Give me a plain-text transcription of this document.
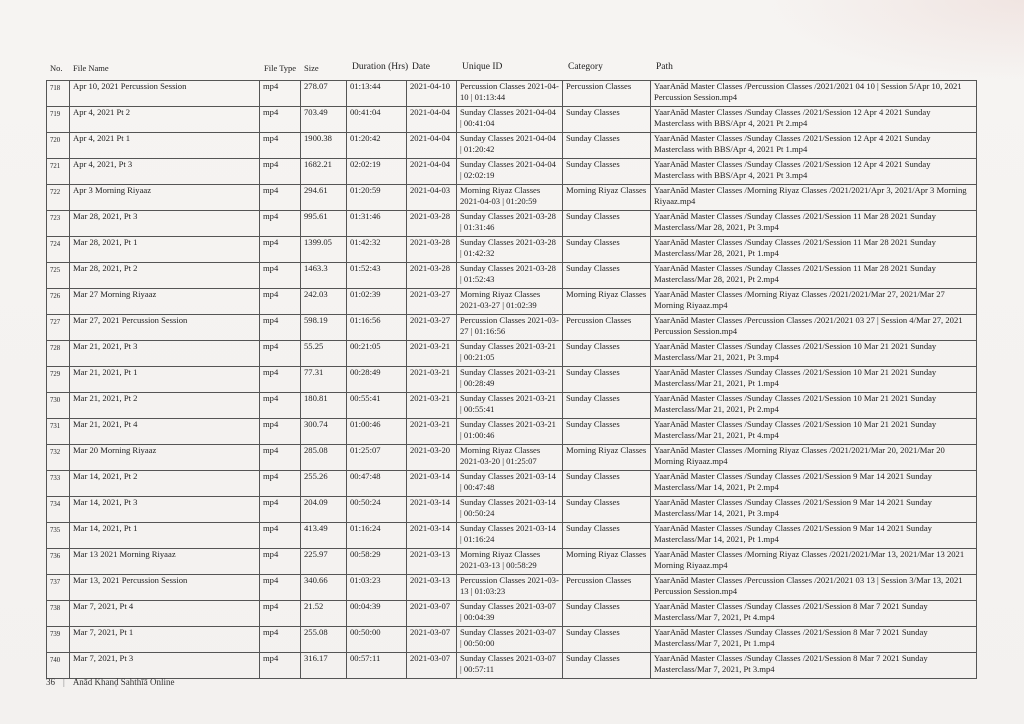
No. File Name	File Type Size	Duration (Hrs) Date	Unique ID	Category	Path
718	Apr 10, 2021 Percussion Session	mp4	278.07	01:13:44	2021-04-10	Percussion Classes 2021-04-10 | 01:13:44	Percussion Classes	YaarAnād Master Classes /Percussion Classes /2021/2021 04 10 | Session 5/Apr 10, 2021 Percussion Session.mp4
719	Apr 4, 2021 Pt 2	mp4	703.49	00:41:04	2021-04-04	Sunday Classes 2021-04-04 | 00:41:04	Sunday Classes	YaarAnād Master Classes /Sunday Classes /2021/Session 12 Apr 4 2021 Sunday Masterclass with BBS/Apr 4, 2021 Pt 2.mp4
720	Apr 4, 2021 Pt 1	mp4	1900.38	01:20:42	2021-04-04	Sunday Classes 2021-04-04 | 01:20:42	Sunday Classes	YaarAnād Master Classes /Sunday Classes /2021/Session 12 Apr 4 2021 Sunday Masterclass with BBS/Apr 4, 2021 Pt 1.mp4
721	Apr 4, 2021, Pt 3	mp4	1682.21	02:02:19	2021-04-04	Sunday Classes 2021-04-04 | 02:02:19	Sunday Classes	YaarAnād Master Classes /Sunday Classes /2021/Session 12 Apr 4 2021 Sunday Masterclass with BBS/Apr 4, 2021 Pt 3.mp4
722	Apr 3 Morning Riyaaz	mp4	294.61	01:20:59	2021-04-03	Morning Riyaz Classes 2021-04-03 | 01:20:59	Morning Riyaz Classes	YaarAnād Master Classes /Morning Riyaz Classes /2021/2021/Apr 3, 2021/Apr 3 Morning Riyaaz.mp4
723	Mar 28, 2021, Pt 3	mp4	995.61	01:31:46	2021-03-28	Sunday Classes 2021-03-28 | 01:31:46	Sunday Classes	YaarAnād Master Classes /Sunday Classes /2021/Session 11 Mar 28 2021 Sunday Masterclass/Mar 28, 2021, Pt 3.mp4
724	Mar 28, 2021, Pt 1	mp4	1399.05	01:42:32	2021-03-28	Sunday Classes 2021-03-28 | 01:42:32	Sunday Classes	YaarAnād Master Classes /Sunday Classes /2021/Session 11 Mar 28 2021 Sunday Masterclass/Mar 28, 2021, Pt 1.mp4
725	Mar 28, 2021, Pt 2	mp4	1463.3	01:52:43	2021-03-28	Sunday Classes 2021-03-28 | 01:52:43	Sunday Classes	YaarAnād Master Classes /Sunday Classes /2021/Session 11 Mar 28 2021 Sunday Masterclass/Mar 28, 2021, Pt 2.mp4
726	Mar 27 Morning Riyaaz	mp4	242.03	01:02:39	2021-03-27	Morning Riyaz Classes 2021-03-27 | 01:02:39	Morning Riyaz Classes	YaarAnād Master Classes /Morning Riyaz Classes /2021/2021/Mar 27, 2021/Mar 27 Morning Riyaaz.mp4
727	Mar 27, 2021 Percussion Session	mp4	598.19	01:16:56	2021-03-27	Percussion Classes 2021-03-27 | 01:16:56	Percussion Classes	YaarAnād Master Classes /Percussion Classes /2021/2021 03 27 | Session 4/Mar 27, 2021 Percussion Session.mp4
728	Mar 21, 2021, Pt 3	mp4	55.25	00:21:05	2021-03-21	Sunday Classes 2021-03-21 | 00:21:05	Sunday Classes	YaarAnād Master Classes /Sunday Classes /2021/Session 10 Mar 21 2021 Sunday Masterclass/Mar 21, 2021, Pt 3.mp4
729	Mar 21, 2021, Pt 1	mp4	77.31	00:28:49	2021-03-21	Sunday Classes 2021-03-21 | 00:28:49	Sunday Classes	YaarAnād Master Classes /Sunday Classes /2021/Session 10 Mar 21 2021 Sunday Masterclass/Mar 21, 2021, Pt 1.mp4
730	Mar 21, 2021, Pt 2	mp4	180.81	00:55:41	2021-03-21	Sunday Classes 2021-03-21 | 00:55:41	Sunday Classes	YaarAnād Master Classes /Sunday Classes /2021/Session 10 Mar 21 2021 Sunday Masterclass/Mar 21, 2021, Pt 2.mp4
731	Mar 21, 2021, Pt 4	mp4	300.74	01:00:46	2021-03-21	Sunday Classes 2021-03-21 | 01:00:46	Sunday Classes	YaarAnād Master Classes /Sunday Classes /2021/Session 10 Mar 21 2021 Sunday Masterclass/Mar 21, 2021, Pt 4.mp4
732	Mar 20 Morning Riyaaz	mp4	285.08	01:25:07	2021-03-20	Morning Riyaz Classes 2021-03-20 | 01:25:07	Morning Riyaz Classes	YaarAnād Master Classes /Morning Riyaz Classes /2021/2021/Mar 20, 2021/Mar 20 Morning Riyaaz.mp4
733	Mar 14, 2021, Pt 2	mp4	255.26	00:47:48	2021-03-14	Sunday Classes 2021-03-14 | 00:47:48	Sunday Classes	YaarAnād Master Classes /Sunday Classes /2021/Session 9 Mar 14 2021 Sunday Masterclass/Mar 14, 2021, Pt 2.mp4
734	Mar 14, 2021, Pt 3	mp4	204.09	00:50:24	2021-03-14	Sunday Classes 2021-03-14 | 00:50:24	Sunday Classes	YaarAnād Master Classes /Sunday Classes /2021/Session 9 Mar 14 2021 Sunday Masterclass/Mar 14, 2021, Pt 3.mp4
735	Mar 14, 2021, Pt 1	mp4	413.49	01:16:24	2021-03-14	Sunday Classes 2021-03-14 | 01:16:24	Sunday Classes	YaarAnād Master Classes /Sunday Classes /2021/Session 9 Mar 14 2021 Sunday Masterclass/Mar 14, 2021, Pt 1.mp4
736	Mar 13 2021 Morning Riyaaz	mp4	225.97	00:58:29	2021-03-13	Morning Riyaz Classes 2021-03-13 | 00:58:29	Morning Riyaz Classes	YaarAnād Master Classes /Morning Riyaz Classes /2021/2021/Mar 13, 2021/Mar 13 2021 Morning Riyaaz.mp4
737	Mar 13, 2021 Percussion Session	mp4	340.66	01:03:23	2021-03-13	Percussion Classes 2021-03-13 | 01:03:23	Percussion Classes	YaarAnād Master Classes /Percussion Classes /2021/2021 03 13 | Session 3/Mar 13, 2021 Percussion Session.mp4
738	Mar 7, 2021, Pt 4	mp4	21.52	00:04:39	2021-03-07	Sunday Classes 2021-03-07 | 00:04:39	Sunday Classes	YaarAnād Master Classes /Sunday Classes /2021/Session 8 Mar 7 2021 Sunday Masterclass/Mar 7, 2021, Pt 4.mp4
739	Mar 7, 2021, Pt 1	mp4	255.08	00:50:00	2021-03-07	Sunday Classes 2021-03-07 | 00:50:00	Sunday Classes	YaarAnād Master Classes /Sunday Classes /2021/Session 8 Mar 7 2021 Sunday Masterclass/Mar 7, 2021, Pt 1.mp4
740	Mar 7, 2021, Pt 3	mp4	316.17	00:57:11	2021-03-07	Sunday Classes 2021-03-07 | 00:57:11	Sunday Classes	YaarAnād Master Classes /Sunday Classes /2021/Session 8 Mar 7 2021 Sunday Masterclass/Mar 7, 2021, Pt 3.mp4
36 | Anād Khanḍ Sahthīā Online
